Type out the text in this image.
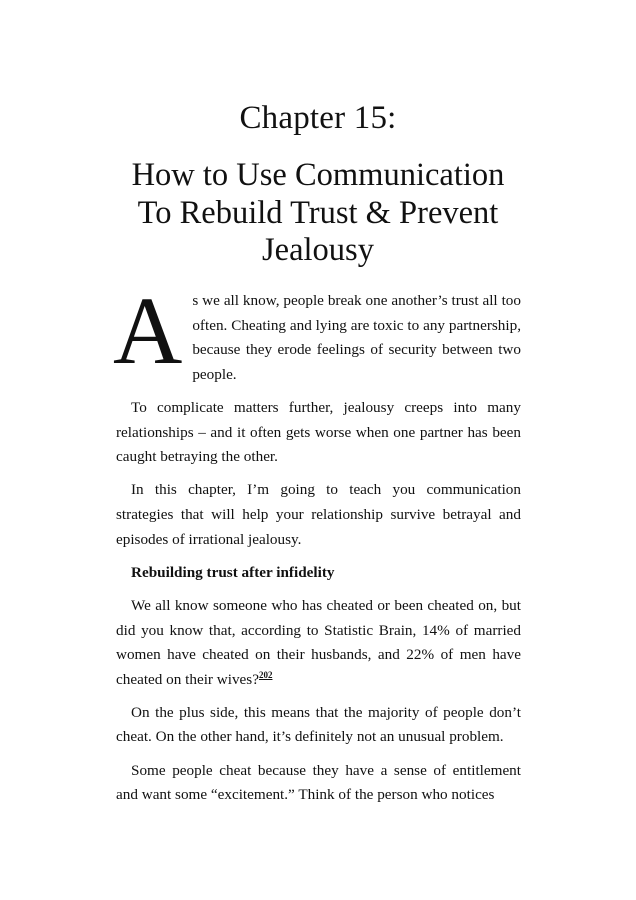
Chapter 15:
How to Use Communication
To Rebuild Trust & Prevent
Jealousy

As we all know, people break one another’s trust all too often. Cheating and lying are toxic to any partnership, because they erode feelings of security between two people.

To complicate matters further, jealousy creeps into many relationships – and it often gets worse when one partner has been caught betraying the other.

In this chapter, I’m going to teach you communication strategies that will help your relationship survive betrayal and episodes of irrational jealousy.

Rebuilding trust after infidelity

We all know someone who has cheated or been cheated on, but did you know that, according to Statistic Brain, 14% of married women have cheated on their husbands, and 22% of men have cheated on their wives?$^{202}$

On the plus side, this means that the majority of people don’t cheat. On the other hand, it’s definitely not an unusual problem.

Some people cheat because they have a sense of entitlement and want some “excitement.” Think of the person who notices
